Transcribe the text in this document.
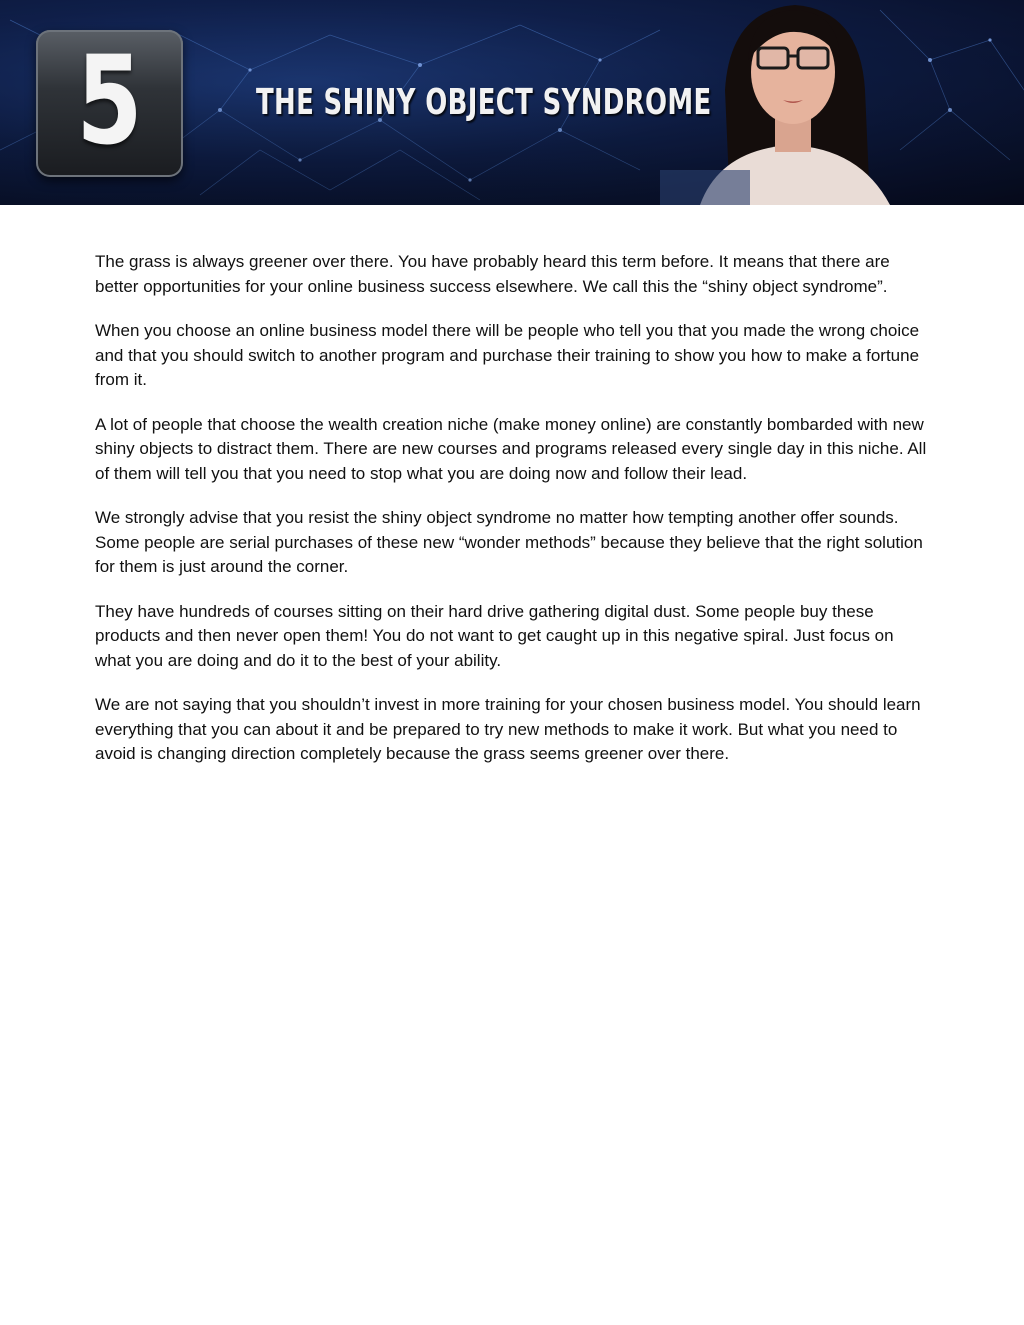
5	THE SHINY OBJECT SYNDROME

The grass is always greener over there. You have probably heard this term before. It means that there are better opportunities for your online business success elsewhere. We call this the “shiny object syndrome”.

When you choose an online business model there will be people who tell you that you made the wrong choice and that you should switch to another program and purchase their training to show you how to make a fortune from it.

A lot of people that choose the wealth creation niche (make money online) are constantly bombarded with new shiny objects to distract them. There are new courses and programs released every single day in this niche. All of them will tell you that you need to stop what you are doing now and follow their lead.

We strongly advise that you resist the shiny object syndrome no matter how tempting another offer sounds. Some people are serial purchases of these new “wonder methods” because they believe that the right solution for them is just around the corner.

They have hundreds of courses sitting on their hard drive gathering digital dust. Some people buy these products and then never open them! You do not want to get caught up in this negative spiral. Just focus on what you are doing and do it to the best of your ability.

We are not saying that you shouldn’t invest in more training for your chosen business model. You should learn everything that you can about it and be prepared to try new methods to make it work. But what you need to avoid is changing direction completely because the grass seems greener over there.
